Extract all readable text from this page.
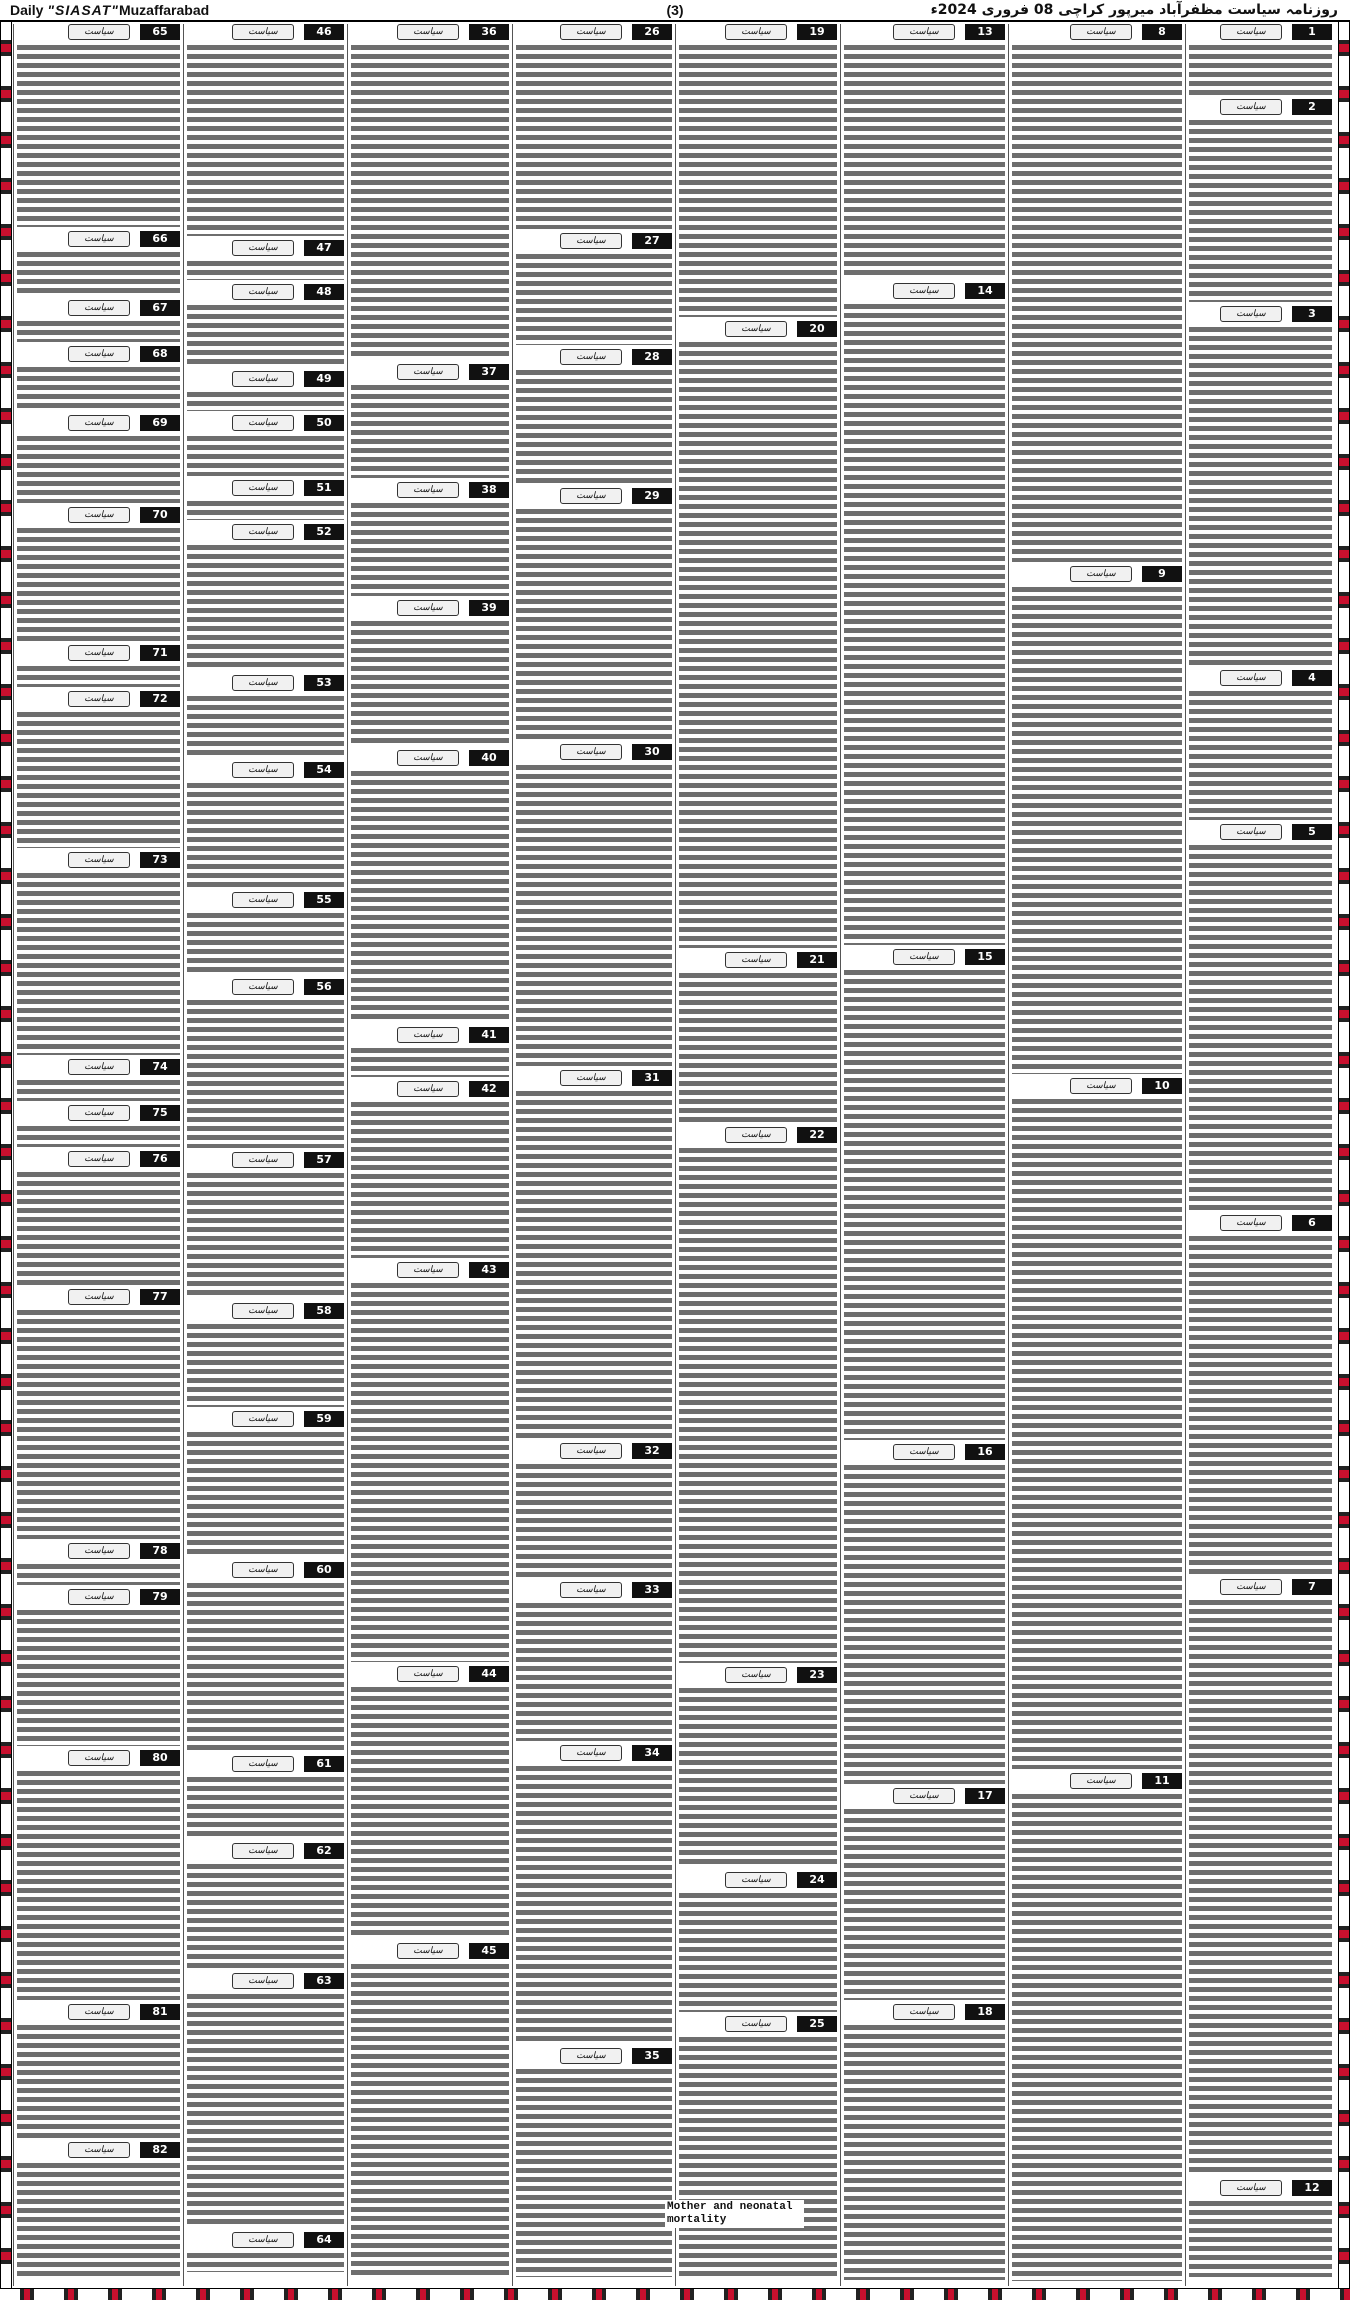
Daily "SIASAT"Muzaffarabad	(3)	روزنامہ سیاست مظفرآباد میرپور کراچی 08 فروری 2024ء
1
سیاست
2
سیاست
3
سیاست
4
سیاست
5
سیاست
6
سیاست
7
سیاست
12
سیاست
8
سیاست
9
سیاست
10
سیاست
11
سیاست
13
سیاست
14
سیاست
15
سیاست
16
سیاست
17
سیاست
18
سیاست
19
سیاست
20
سیاست
21
سیاست
22
سیاست
23
سیاست
24
سیاست
25
سیاست
26
سیاست
27
سیاست
28
سیاست
29
سیاست
30
سیاست
31
سیاست
32
سیاست
33
سیاست
34
سیاست
35
سیاست
36
سیاست
37
سیاست
38
سیاست
39
سیاست
40
سیاست
41
سیاست
42
سیاست
43
سیاست
44
سیاست
45
سیاست
46
سیاست
47
سیاست
48
سیاست
49
سیاست
50
سیاست
51
سیاست
52
سیاست
53
سیاست
54
سیاست
55
سیاست
56
سیاست
57
سیاست
58
سیاست
59
سیاست
60
سیاست
61
سیاست
62
سیاست
63
سیاست
64
سیاست
65
سیاست
66
سیاست
67
سیاست
68
سیاست
69
سیاست
70
سیاست
71
سیاست
72
سیاست
73
سیاست
74
سیاست
75
سیاست
76
سیاست
77
سیاست
78
سیاست
79
سیاست
80
سیاست
81
سیاست
82
سیاست
Mother and neonatal mortality
